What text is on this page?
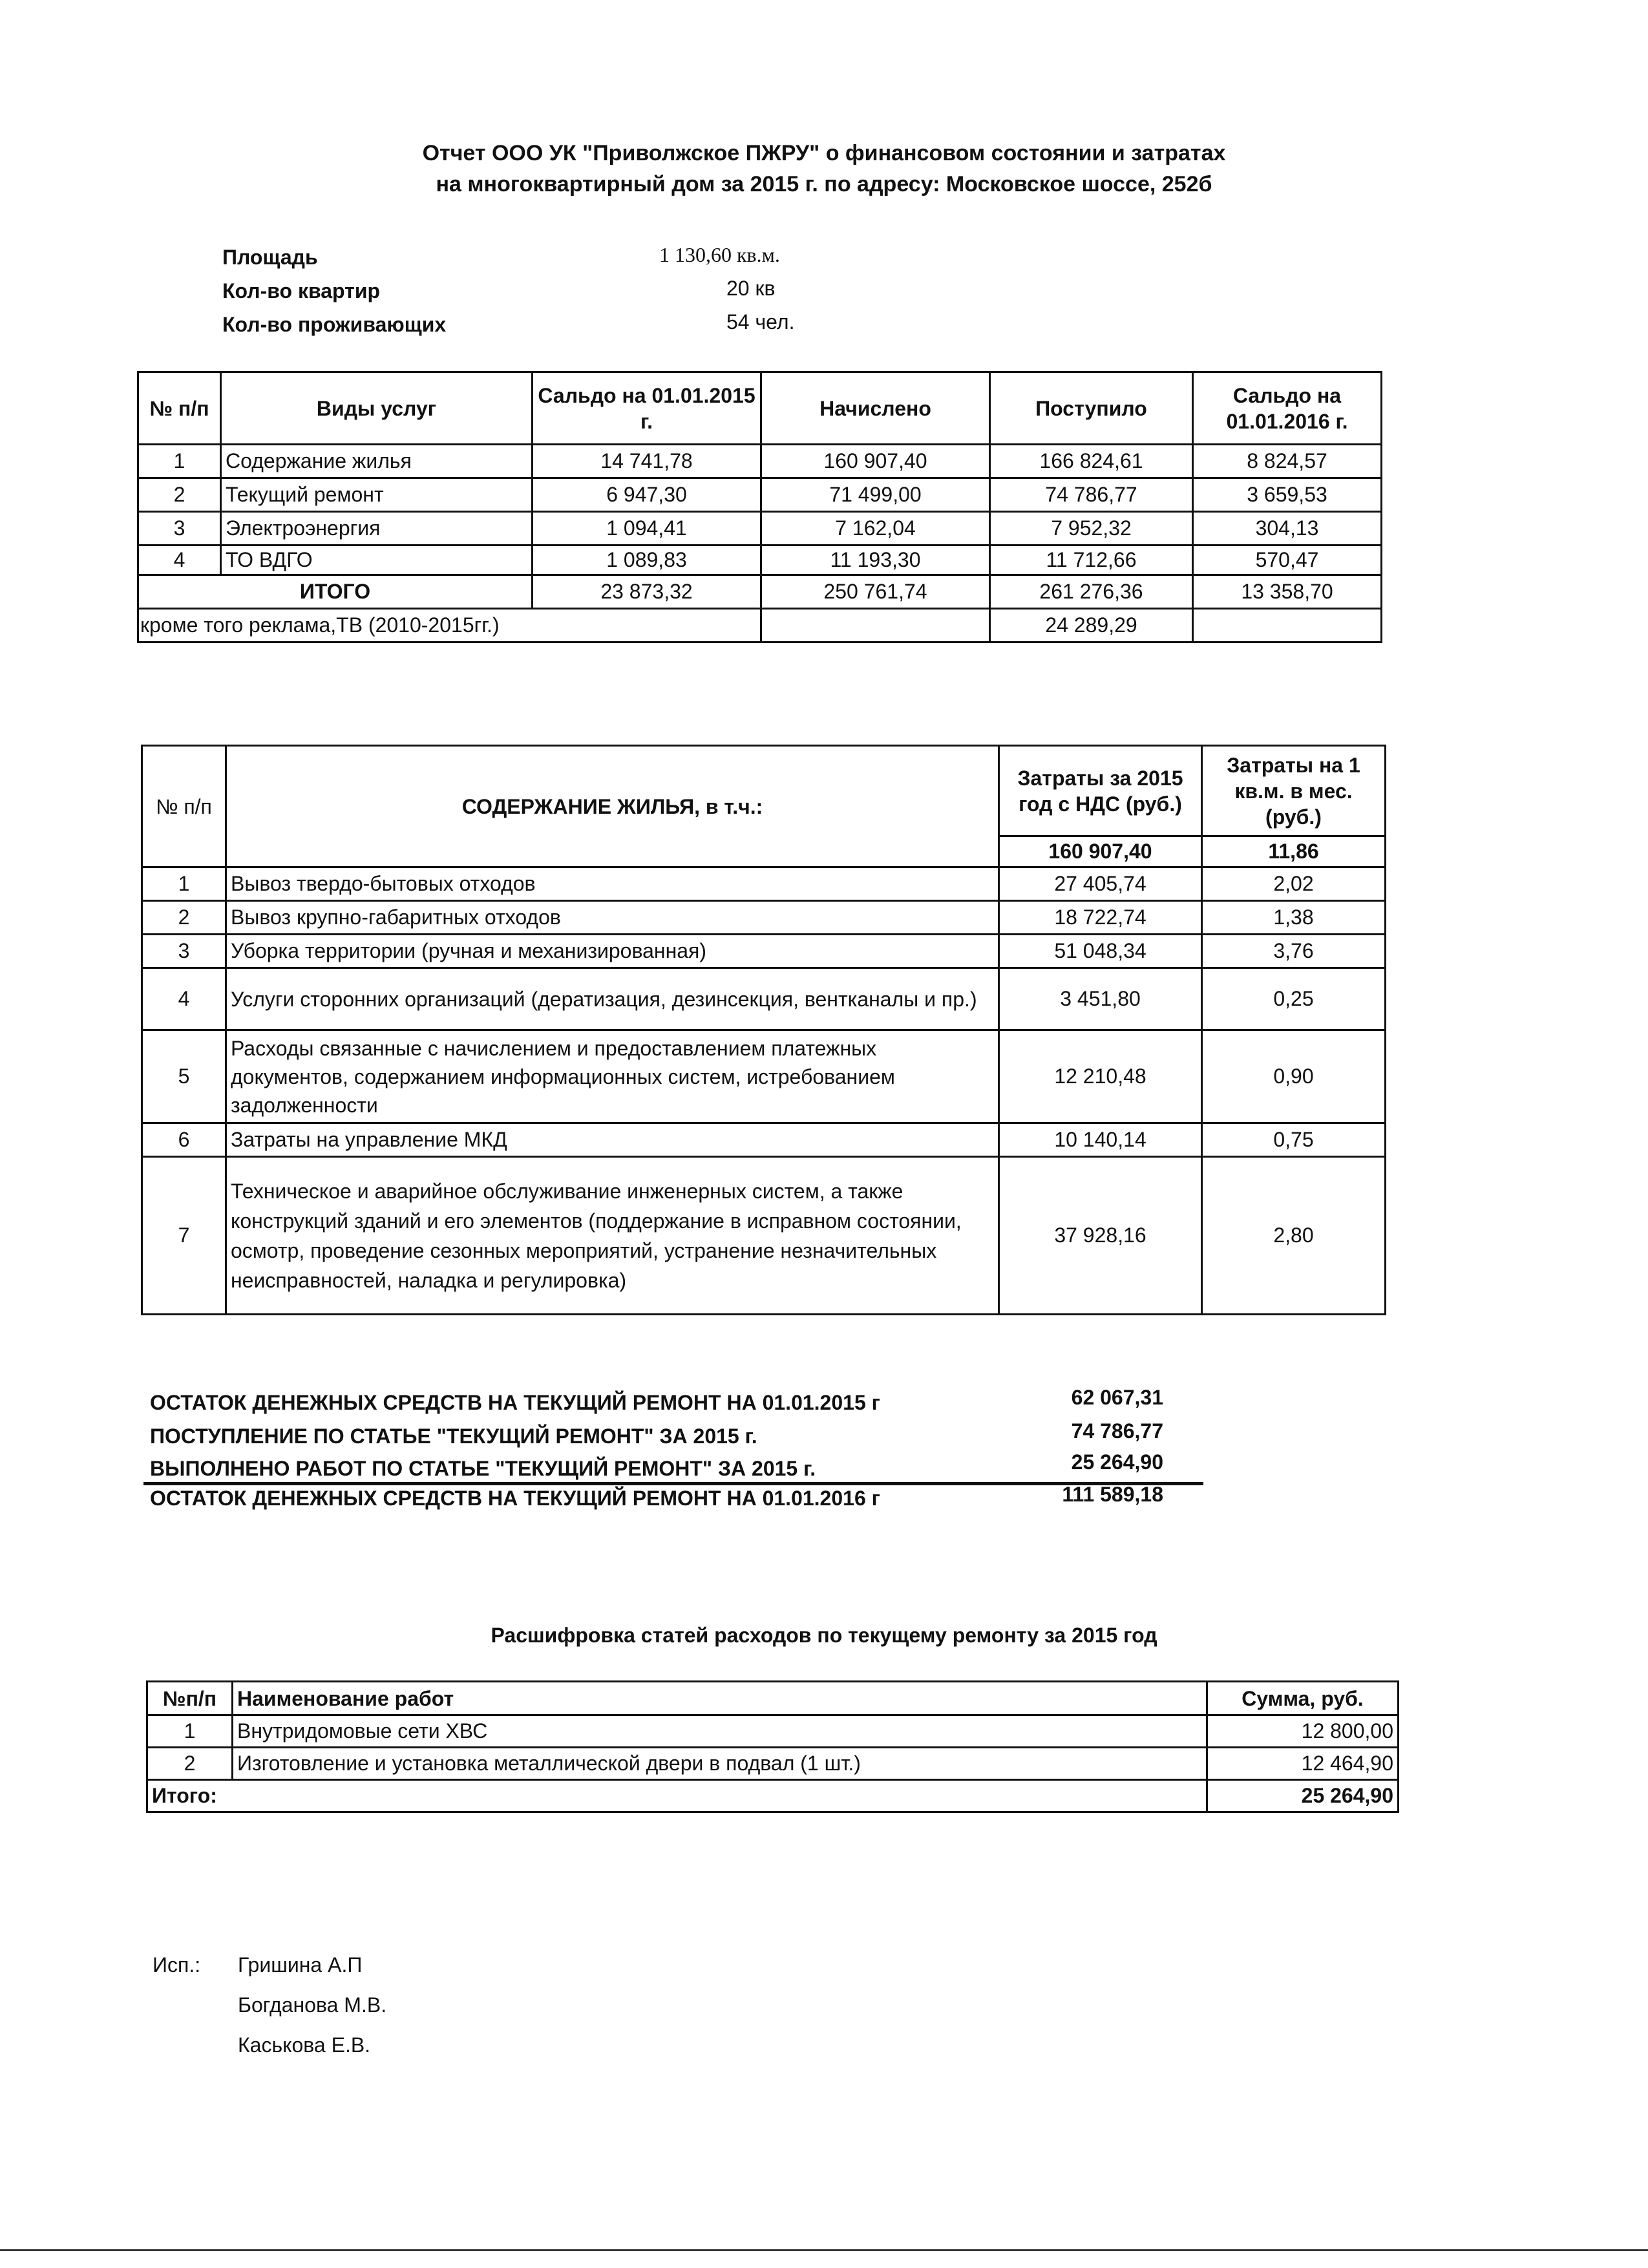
Отчет ООО УК "Приволжское ПЖРУ" о финансовом состоянии и затратах
на многоквартирный дом за 2015 г. по адресу: Московское шоссе, 252б
Площадь	1 130,60 кв.м.
Кол-во квартир	20 кв
Кол-во проживающих	54 чел.
№ п/п	Виды услуг	Сальдо на 01.01.2015 г.	Начислено	Поступило	Сальдо на 01.01.2016 г.
1	Содержание жилья	14 741,78	160 907,40	166 824,61	8 824,57
2	Текущий ремонт	6 947,30	71 499,00	74 786,77	3 659,53
3	Электроэнергия	1 094,41	7 162,04	7 952,32	304,13
4	ТО ВДГО	1 089,83	11 193,30	11 712,66	570,47
ИТОГО		23 873,32	250 761,74	261 276,36	13 358,70
кроме того реклама,ТВ (2010-2015гг.)				24 289,29	
№ п/п	СОДЕРЖАНИЕ ЖИЛЬЯ, в т.ч.:	Затраты за 2015 год с НДС (руб.)	Затраты на 1 кв.м. в мес. (руб.)
		160 907,40	11,86
1	Вывоз твердо-бытовых отходов	27 405,74	2,02
2	Вывоз крупно-габаритных отходов	18 722,74	1,38
3	Уборка территории (ручная и механизированная)	51 048,34	3,76
4	Услуги сторонних организаций (дератизация, дезинсекция, вентканалы и пр.)	3 451,80	0,25
5	Расходы связанные с начислением и предоставлением платежных документов, содержанием информационных систем, истребованием задолженности	12 210,48	0,90
6	Затраты на управление МКД	10 140,14	0,75
7	Техническое и аварийное обслуживание инженерных систем, а также конструкций зданий и его элементов (поддержание в исправном состоянии, осмотр, проведение сезонных мероприятий, устранение незначительных неисправностей, наладка и регулировка)	37 928,16	2,80
ОСТАТОК ДЕНЕЖНЫХ СРЕДСТВ НА ТЕКУЩИЙ РЕМОНТ НА 01.01.2015 г	62 067,31
ПОСТУПЛЕНИЕ ПО СТАТЬЕ "ТЕКУЩИЙ РЕМОНТ" ЗА 2015 г.	74 786,77
ВЫПОЛНЕНО РАБОТ ПО СТАТЬЕ "ТЕКУЩИЙ РЕМОНТ" ЗА 2015 г.	25 264,90
ОСТАТОК ДЕНЕЖНЫХ СРЕДСТВ НА ТЕКУЩИЙ РЕМОНТ НА 01.01.2016 г	111 589,18
Расшифровка статей расходов по текущему ремонту за 2015 год
№п/п	Наименование работ	Сумма, руб.
1	Внутридомовые сети ХВС	12 800,00
2	Изготовление и установка металлической двери в подвал (1 шт.)	12 464,90
Итого:		25 264,90
Исп.: Гришина А.П
Богданова М.В.
Каськова Е.В.
